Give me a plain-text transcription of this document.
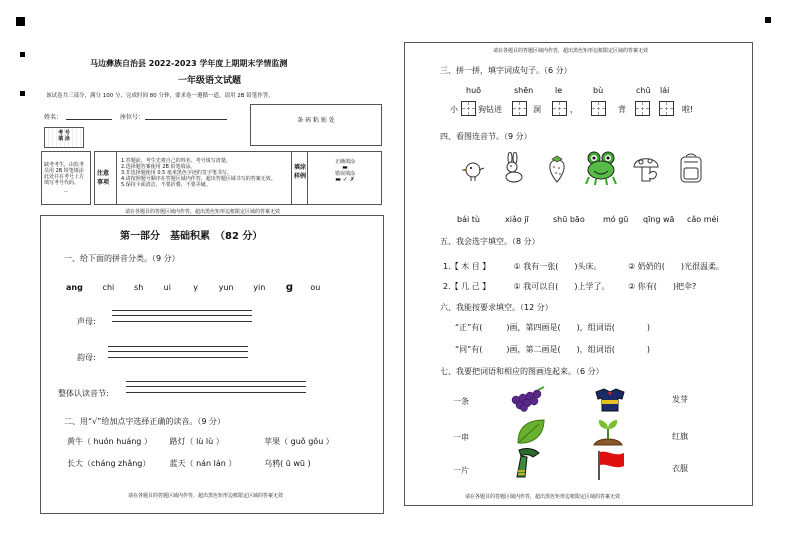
马边彝族自治县 2022-2023 学年度上期期末学情监测
一年级语文试题
该试卷共三部分，满分 100 分，完成时间 80 分钟，要求卷一遵循一道，请用 2B 铅笔作答。
姓名：	座位号：	条 码 粘 贴 处
考 号
填 涂
缺考考生，由监考员用 2B 铅笔填涂此处并在考号上方填写考号代码。
…
注意
事项
1.答题前，考生先将自己的姓名、考号填写清楚。
2.选择题答案使用 2B 铅笔填涂。
3.非选择题使用 0.5 毫米黑色字迹的签字笔书写。
4.请按照题号顺序在答题区域内作答，超出答题区域书写的答案无效。
5.保持卡面清洁，不要折叠、不要弄破。
填涂
样例
正确填涂
▬
错误填涂
▬ ✓ ✗
请在各题目的答题区域内作答，超出黑色矩形边框限定区域的答案无效
第一部分　基础积累　（82 分）
一、给下面的拼音分类。（9 分）
ang chi sh	ui	y	yun yin g ou
声母:
韵母:
整体认读音节:
二、用“√”给加点字选择正确的读音。（9 分）
黄牛（ huón huáng ） 路灯（ lù lù ）	苹果（ guǒ gǒu ）
长大（cháng zhǎng） 蓝天（ nán lán ）	乌鸦( ū wū )
请在各题目的答题区域内作答，超出黑色矩形边框限定区域的答案无效
请在各题目的答题区域内作答，超出黑色矩形边框限定区域的答案无效
三、拼一拼，填字词成句子。（6 分）
huō	shēn	le	bù	chū lái
小	狗钻进	洞	，	背	啦!
四、看图连音节。（9 分）
bái tù	xiǎo jī	shū bāo mó gū qīng wā cǎo méi
五、我会选字填空。（8 分）
1.【 木 目 】	① 我有一张(　　)头床。	② 奶奶的(　　)光很温柔。
2.【 几 己 】	① 我可以自(　　)上学了。 ② 你有(　　)把伞?
六、我能按要求填空。（12 分）
“正”有(　　　)画，第四画是(　　)，组词语(　　　　)
“同”有(　　　)画，第二画是(　　)，组词语(　　　　)
七、我要把词语和相应的图画连起来。（6 分）
一条
一串
一片
发芽
红旗
衣服
请在各题目的答题区域内作答，超出黑色矩形边框限定区域的答案无效
